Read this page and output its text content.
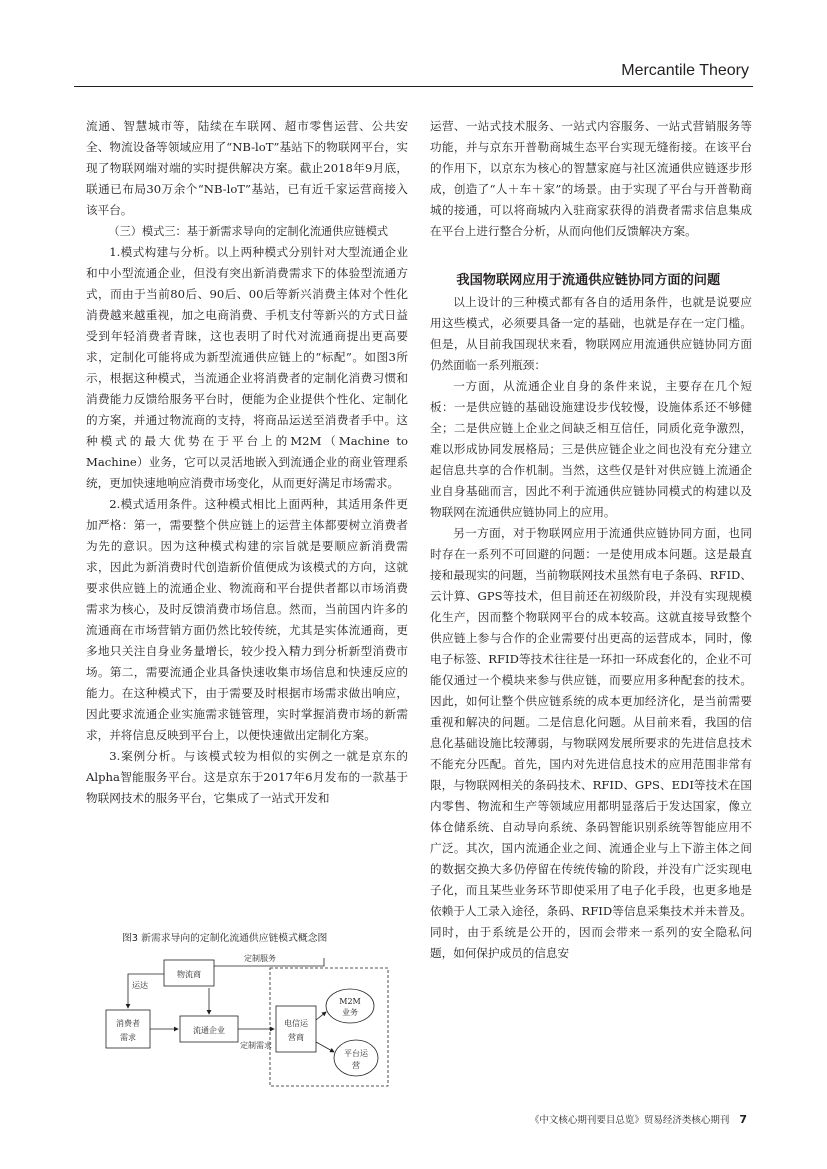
Mercantile Theory

流通、智慧城市等，陆续在车联网、超市零售运营、公共安全、物流设备等领域应用了“NB-loT”基站下的物联网平台，实现了物联网端对端的实时提供解决方案。截止2018年9月底，联通已布局30万余个“NB-loT”基站，已有近千家运营商接入该平台。

（三）模式三：基于新需求导向的定制化流通供应链模式

1.模式构建与分析。以上两种模式分别针对大型流通企业和中小型流通企业，但没有突出新消费需求下的体验型流通方式，而由于当前80后、90后、00后等新兴消费主体对个性化消费越来越重视，加之电商消费、手机支付等新兴的方式日益受到年轻消费者青睐，这也表明了时代对流通商提出更高要求，定制化可能将成为新型流通供应链上的“标配”。如图3所示，根据这种模式，当流通企业将消费者的定制化消费习惯和消费能力反馈给服务平台时，便能为企业提供个性化、定制化的方案，并通过物流商的支持，将商品运送至消费者手中。这种模式的最大优势在于平台上的M2M（Machine to Machine）业务，它可以灵活地嵌入到流通企业的商业管理系统，更加快速地响应消费市场变化，从而更好满足市场需求。

2.模式适用条件。这种模式相比上面两种，其适用条件更加严格：第一，需要整个供应链上的运营主体都要树立消费者为先的意识。因为这种模式构建的宗旨就是要顺应新消费需求，因此为新消费时代创造新价值便成为该模式的方向，这就要求供应链上的流通企业、物流商和平台提供者都以市场消费需求为核心，及时反馈消费市场信息。然而，当前国内许多的流通商在市场营销方面仍然比较传统，尤其是实体流通商，更多地只关注自身业务量增长，较少投入精力到分析新型消费市场。第二，需要流通企业具备快速收集市场信息和快速反应的能力。在这种模式下，由于需要及时根据市场需求做出响应，因此要求流通企业实施需求链管理，实时掌握消费市场的新需求，并将信息反映到平台上，以便快速做出定制化方案。

3.案例分析。与该模式较为相似的实例之一就是京东的Alpha智能服务平台。这是京东于2017年6月发布的一款基于物联网技术的服务平台，它集成了一站式开发和

图3 新需求导向的定制化流通供应链模式概念图
物流商
消费者
需求
流通企业
电信运
营商
M2M
业务
平台运
营
定制服务
运达
定制需求

运营、一站式技术服务、一站式内容服务、一站式营销服务等功能，并与京东开普勒商城生态平台实现无缝衔接。在该平台的作用下，以京东为核心的智慧家庭与社区流通供应链逐步形成，创造了“人＋车＋家”的场景。由于实现了平台与开普勒商城的接通，可以将商城内入驻商家获得的消费者需求信息集成在平台上进行整合分析，从而向他们反馈解决方案。

我国物联网应用于流通供应链协同方面的问题

以上设计的三种模式都有各自的适用条件，也就是说要应用这些模式，必须要具备一定的基础，也就是存在一定门槛。但是，从目前我国现状来看，物联网应用流通供应链协同方面仍然面临一系列瓶颈：

一方面，从流通企业自身的条件来说，主要存在几个短板：一是供应链的基础设施建设步伐较慢，设施体系还不够健全；二是供应链上企业之间缺乏相互信任，同质化竞争激烈，难以形成协同发展格局；三是供应链企业之间也没有充分建立起信息共享的合作机制。当然，这些仅是针对供应链上流通企业自身基础而言，因此不利于流通供应链协同模式的构建以及物联网在流通供应链协同上的应用。

另一方面，对于物联网应用于流通供应链协同方面，也同时存在一系列不可回避的问题：一是使用成本问题。这是最直接和最现实的问题，当前物联网技术虽然有电子条码、RFID、云计算、GPS等技术，但目前还在初级阶段，并没有实现规模化生产，因而整个物联网平台的成本较高。这就直接导致整个供应链上参与合作的企业需要付出更高的运营成本，同时，像电子标签、RFID等技术往往是一环扣一环成套化的，企业不可能仅通过一个模块来参与供应链，而要应用多种配套的技术。因此，如何让整个供应链系统的成本更加经济化，是当前需要重视和解决的问题。二是信息化问题。从目前来看，我国的信息化基础设施比较薄弱，与物联网发展所要求的先进信息技术不能充分匹配。首先，国内对先进信息技术的应用范围非常有限，与物联网相关的条码技术、RFID、GPS、EDI等技术在国内零售、物流和生产等领域应用都明显落后于发达国家，像立体仓储系统、自动导向系统、条码智能识别系统等智能应用不广泛。其次，国内流通企业之间、流通企业与上下游主体之间的数据交换大多仍停留在传统传输的阶段，并没有广泛实现电子化，而且某些业务环节即使采用了电子化手段，也更多地是依赖于人工录入途径，条码、RFID等信息采集技术并未普及。同时，由于系统是公开的，因而会带来一系列的安全隐私问题，如何保护成员的信息安

《中文核心期刊要目总览》贸易经济类核心期刊 7
